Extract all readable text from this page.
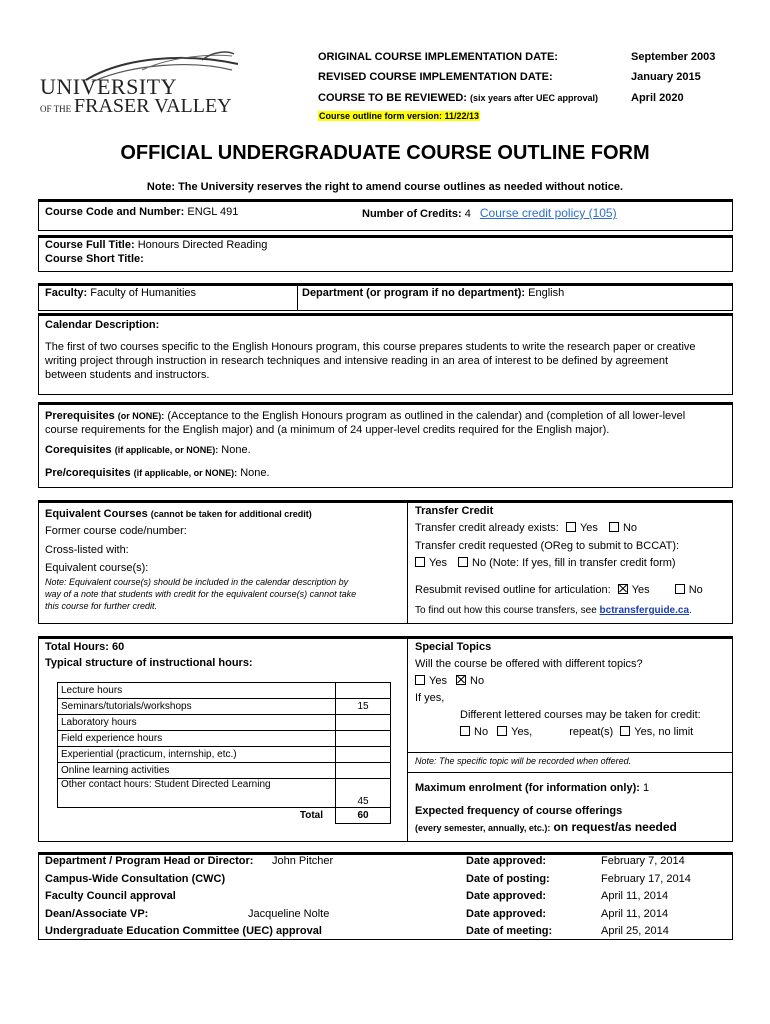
UNIVERSITY
OF THE FRASER VALLEY
ORIGINAL COURSE IMPLEMENTATION DATE:	September 2003
REVISED COURSE IMPLEMENTATION DATE:	January 2015
COURSE TO BE REVIEWED: (six years after UEC approval)	April 2020
Course outline form version: 11/22/13
OFFICIAL UNDERGRADUATE COURSE OUTLINE FORM
Note: The University reserves the right to amend course outlines as needed without notice.
Course Code and Number: ENGL 491	Number of Credits: 4 Course credit policy (105)
Course Full Title: Honours Directed Reading
Course Short Title:
Faculty: Faculty of Humanities	Department (or program if no department): English
Calendar Description:
The first of two courses specific to the English Honours program, this course prepares students to write the research paper or creative
writing project through instruction in research techniques and intensive reading in an area of interest to be defined by agreement
between students and instructors.
Prerequisites (or NONE): (Acceptance to the English Honours program as outlined in the calendar) and (completion of all lower-level
course requirements for the English major) and (a minimum of 24 upper-level credits required for the English major).
Corequisites (if applicable, or NONE): None.
Pre/corequisites (if applicable, or NONE): None.
Equivalent Courses (cannot be taken for additional credit)
Former course code/number:
Cross-listed with:
Equivalent course(s):
Note: Equivalent course(s) should be included in the calendar description by
way of a note that students with credit for the equivalent course(s) cannot take
this course for further credit.
Transfer Credit
Transfer credit already exists: Yes No
Transfer credit requested (OReg to submit to BCCAT):
Yes No (Note: If yes, fill in transfer credit form)
Resubmit revised outline for articulation: Yes	No
To find out how this course transfers, see bctransferguide.ca.
Total Hours: 60
Typical structure of instructional hours:
Lecture hours	
Seminars/tutorials/workshops	15
Laboratory hours	
Field experience hours	
Experiential (practicum, internship, etc.)	
Online learning activities	
Other contact hours: Student Directed Learning	45
Total	60
Special Topics
Will the course be offered with different topics?
Yes No
If yes,
Different lettered courses may be taken for credit:
No Yes,	repeat(s) Yes, no limit
Note: The specific topic will be recorded when offered.
Maximum enrolment (for information only): 1
Expected frequency of course offerings
(every semester, annually, etc.): on request/as needed
Department / Program Head or Director: John Pitcher	Date approved:	February 7, 2014
Campus-Wide Consultation (CWC)	Date of posting:	February 17, 2014
Faculty Council approval	Date approved:	April 11, 2014
Dean/Associate VP:	Jacqueline Nolte	Date approved:	April 11, 2014
Undergraduate Education Committee (UEC) approval	Date of meeting:	April 25, 2014
